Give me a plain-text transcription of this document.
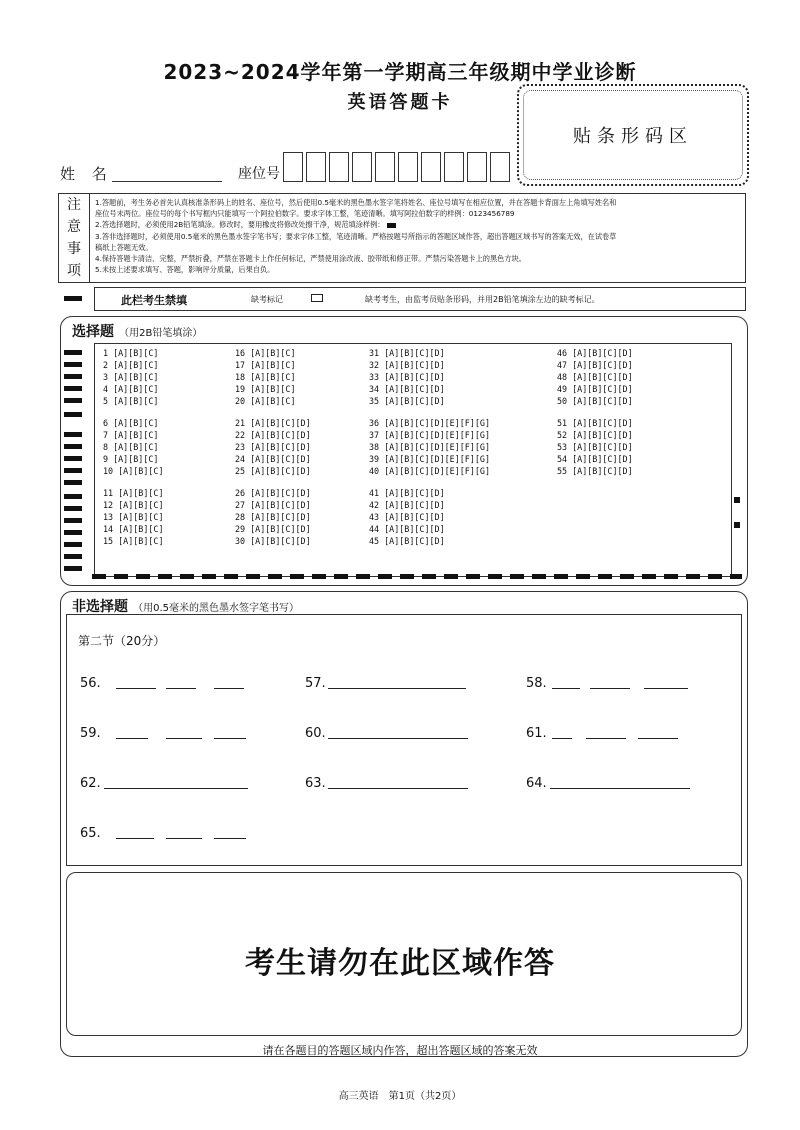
2023~2024学年第一学期高三年级期中学业诊断
英语答题卡
贴条形码区
姓 名	座位号
注
意
事
项
1.答题前，考生务必首先认真核准条形码上的姓名、座位号，然后使用0.5毫米的黑色墨水签字笔将姓名、座位号填写在相应位置，并在答题卡背面左上角填写姓名和
座位号末两位。座位号的每个书写框内只能填写一个阿拉伯数字。要求字体工整，笔迹清晰。填写阿拉伯数字的样例：0123456789
2.答选择题时，必须使用2B铅笔填涂。修改时，要用橡皮将修改处擦干净，规范填涂样例：
3.答非选择题时，必须使用0.5毫米的黑色墨水签字笔书写；要求字体工整，笔迹清晰。严格按题号所指示的答题区域作答，超出答题区域书写的答案无效，在试卷草
稿纸上答题无效。
4.保持答题卡清洁、完整，严禁折叠，严禁在答题卡上作任何标记，严禁使用涂改液、胶带纸和修正带。严禁污染答题卡上的黑色方块。
5.未按上述要求填写、答题，影响评分质量，后果自负。
此栏考生禁填	缺考标记	缺考考生，由监考员贴条形码，并用2B铅笔填涂左边的缺考标记。
选择题 （用2B铅笔填涂）
1 [A][B][C]
2 [A][B][C]
3 [A][B][C]
4 [A][B][C]
5 [A][B][C]
6 [A][B][C]
7 [A][B][C]
8 [A][B][C]
9 [A][B][C]
10 [A][B][C]
11 [A][B][C]
12 [A][B][C]
13 [A][B][C]
14 [A][B][C]
15 [A][B][C]
16 [A][B][C]
17 [A][B][C]
18 [A][B][C]
19 [A][B][C]
20 [A][B][C]
21 [A][B][C][D]
22 [A][B][C][D]
23 [A][B][C][D]
24 [A][B][C][D]
25 [A][B][C][D]
26 [A][B][C][D]
27 [A][B][C][D]
28 [A][B][C][D]
29 [A][B][C][D]
30 [A][B][C][D]
31 [A][B][C][D]
32 [A][B][C][D]
33 [A][B][C][D]
34 [A][B][C][D]
35 [A][B][C][D]
36 [A][B][C][D][E][F][G]
37 [A][B][C][D][E][F][G]
38 [A][B][C][D][E][F][G]
39 [A][B][C][D][E][F][G]
40 [A][B][C][D][E][F][G]
41 [A][B][C][D]
42 [A][B][C][D]
43 [A][B][C][D]
44 [A][B][C][D]
45 [A][B][C][D]
46 [A][B][C][D]
47 [A][B][C][D]
48 [A][B][C][D]
49 [A][B][C][D]
50 [A][B][C][D]
51 [A][B][C][D]
52 [A][B][C][D]
53 [A][B][C][D]
54 [A][B][C][D]
55 [A][B][C][D]
非选择题 （用0.5毫米的黑色墨水签字笔书写）
第二节（20分）
56.	57.	58.
59.	60.	61.
62.	63.	64.
65.
考生请勿在此区域作答
请在各题目的答题区域内作答，超出答题区域的答案无效
高三英语　第1页（共2页）
